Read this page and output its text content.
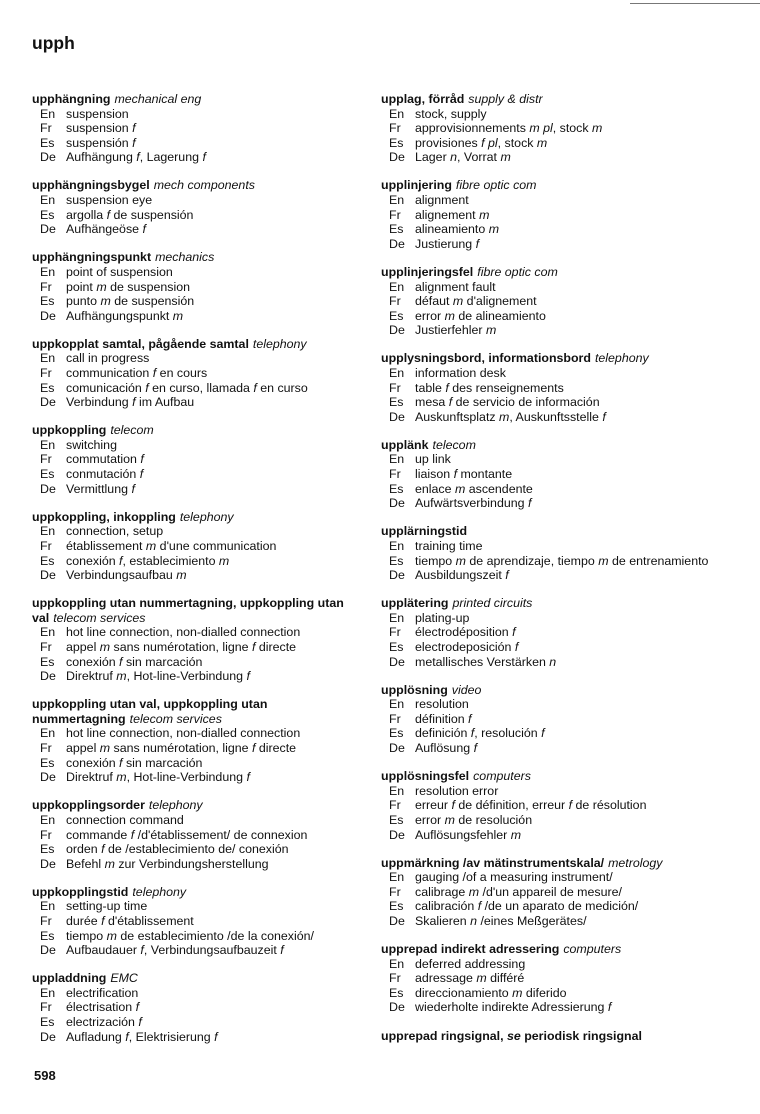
upph
upphängning mechanical eng
En suspension
Fr	suspension f
Es suspensión f
De Aufhängung f, Lagerung f
upphängningsbygel mech components
En suspension eye
Es argolla f de suspensión
De Aufhängeöse f
upphängningspunkt mechanics
En point of suspension
Fr	point m de suspension
Es punto m de suspensión
De Aufhängungspunkt m
uppkopplat samtal, pågående samtal telephony
En call in progress
Fr	communication f en cours
Es comunicación f en curso, llamada f en curso
De Verbindung f im Aufbau
uppkoppling telecom
En switching
Fr	commutation f
Es conmutación f
De Vermittlung f
uppkoppling, inkoppling telephony
En connection, setup
Fr	établissement m d'une communication
Es conexión f, establecimiento m
De Verbindungsaufbau m
uppkoppling utan nummertagning, uppkoppling utan val telecom services
En hot line connection, non-dialled connection
Fr	appel m sans numérotation, ligne f directe
Es conexión f sin marcación
De Direktruf m, Hot-line-Verbindung f
uppkoppling utan val, uppkoppling utan nummertagning telecom services
En hot line connection, non-dialled connection
Fr	appel m sans numérotation, ligne f directe
Es conexión f sin marcación
De Direktruf m, Hot-line-Verbindung f
uppkopplingsorder telephony
En connection command
Fr	commande f /d'établissement/ de connexion
Es orden f de /establecimiento de/ conexión
De Befehl m zur Verbindungsherstellung
uppkopplingstid telephony
En setting-up time
Fr	durée f d'établissement
Es tiempo m de establecimiento /de la conexión/
De Aufbaudauer f, Verbindungsaufbauzeit f
uppladdning EMC
En electrification
Fr	électrisation f
Es electrización f
De Aufladung f, Elektrisierung f
upplag, förråd supply & distr
En stock, supply
Fr	approvisionnements m pl, stock m
Es provisiones f pl, stock m
De Lager n, Vorrat m
upplinjering fibre optic com
En alignment
Fr	alignement m
Es alineamiento m
De Justierung f
upplinjeringsfel fibre optic com
En alignment fault
Fr	défaut m d'alignement
Es error m de alineamiento
De Justierfehler m
upplysningsbord, informationsbord telephony
En information desk
Fr	table f des renseignements
Es mesa f de servicio de información
De Auskunftsplatz m, Auskunftsstelle f
upplänk telecom
En up link
Fr	liaison f montante
Es enlace m ascendente
De Aufwärtsverbindung f
upplärningstid
En training time
Es tiempo m de aprendizaje, tiempo m de entrenamiento
De Ausbildungszeit f
upplätering printed circuits
En plating-up
Fr	électrodéposition f
Es electrodeposición f
De metallisches Verstärken n
upplösning video
En resolution
Fr	définition f
Es definición f, resolución f
De Auflösung f
upplösningsfel computers
En resolution error
Fr	erreur f de définition, erreur f de résolution
Es error m de resolución
De Auflösungsfehler m
uppmärkning /av mätinstrumentskala/ metrology
En gauging /of a measuring instrument/
Fr	calibrage m /d'un appareil de mesure/
Es calibración f /de un aparato de medición/
De Skalieren n /eines Meßgerätes/
upprepad indirekt adressering computers
En deferred addressing
Fr	adressage m différé
Es direccionamiento m diferido
De wiederholte indirekte Adressierung f
upprepad ringsignal, se periodisk ringsignal
598
